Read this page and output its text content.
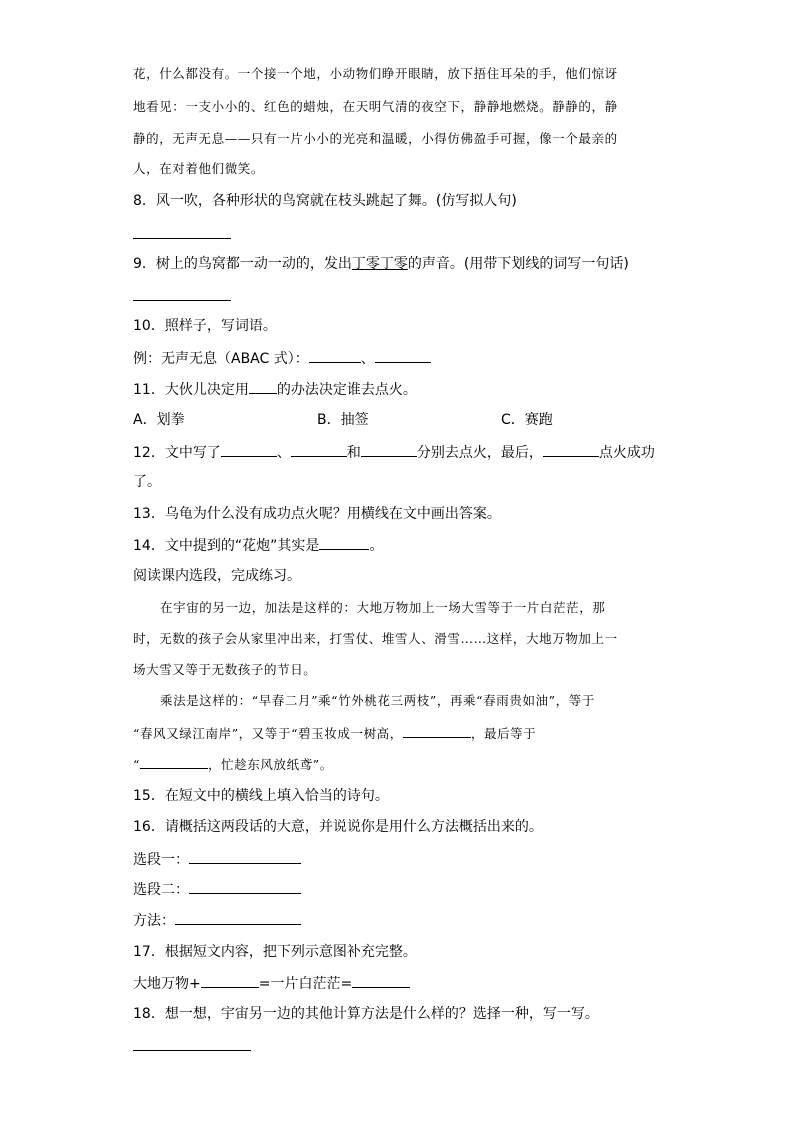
花，什么都没有。一个接一个地，小动物们睁开眼睛，放下捂住耳朵的手，他们惊讶
地看见：一支小小的、红色的蜡烛，在天明气清的夜空下，静静地燃烧。静静的，静
静的，无声无息——只有一片小小的光亮和温暖，小得仿佛盈手可握，像一个最亲的
人，在对着他们微笑。
8．风一吹，各种形状的鸟窝就在枝头跳起了舞。(仿写拟人句)
9．树上的鸟窝都一动一动的，发出丁零丁零的声音。(用带下划线的词写一句话)
10．照样子，写词语。
例：无声无息（ABAC 式）：	、
11．大伙儿决定用 的办法决定谁去点火。
A．划拳	B．抽签	C．赛跑
12．文中写了	、	和	分别去点火，最后，	点火成功
了。
13．乌龟为什么没有成功点火呢？用横线在文中画出答案。
14．文中提到的“花炮”其实是	。
阅读课内选段，完成练习。
在宇宙的另一边，加法是这样的：大地万物加上一场大雪等于一片白茫茫，那
时，无数的孩子会从家里冲出来，打雪仗、堆雪人、滑雪……这样，大地万物加上一
场大雪又等于无数孩子的节日。
乘法是这样的：“早春二月”乘“竹外桃花三两枝”，再乘“春雨贵如油”，等于
“春风又绿江南岸”，又等于“碧玉妆成一树高，	，最后等于
“	，忙趁东风放纸鸢”。
15．在短文中的横线上填入恰当的诗句。
16．请概括这两段话的大意，并说说你是用什么方法概括出来的。
选段一：
选段二：
方法：
17．根据短文内容，把下列示意图补充完整。
大地万物+	=一片白茫茫=
18．想一想，宇宙另一边的其他计算方法是什么样的？选择一种，写一写。
